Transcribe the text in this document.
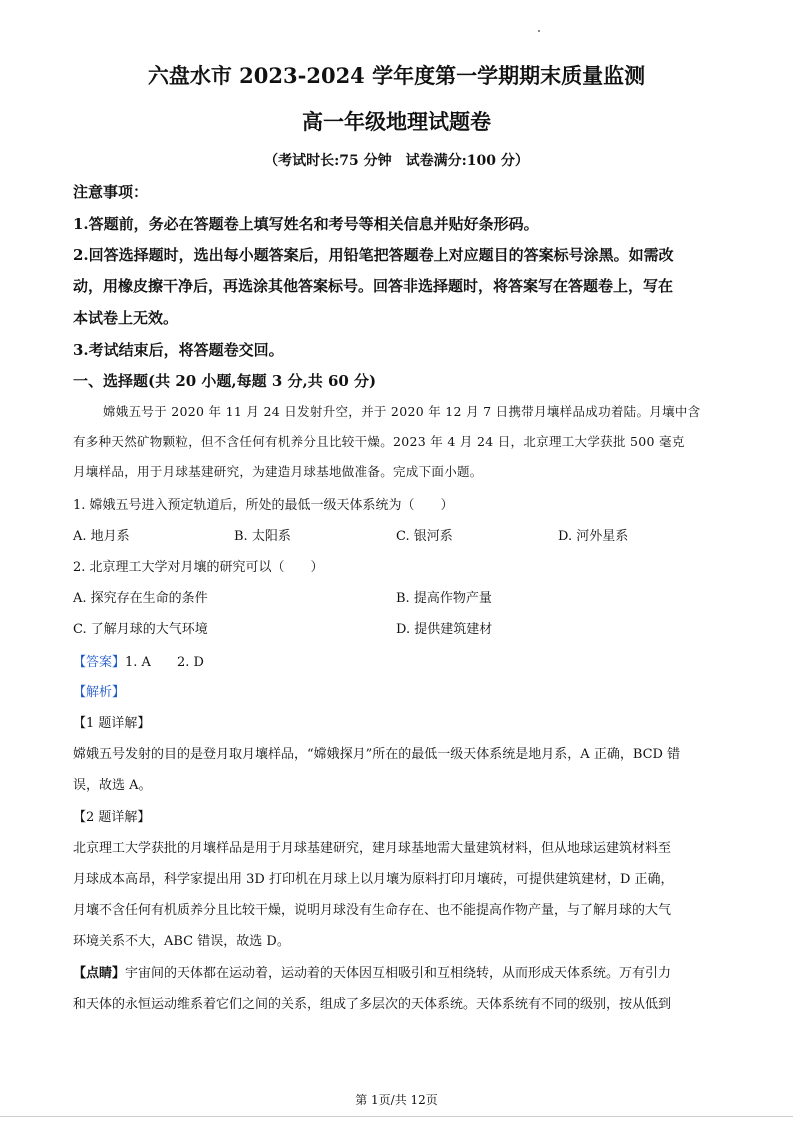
六盘水市 2023-2024 学年度第一学期期末质量监测
高一年级地理试题卷
（考试时长:75 分钟　试卷满分:100 分）
注意事项：
1.答题前，务必在答题卷上填写姓名和考号等相关信息并贴好条形码。
2.回答选择题时，选出每小题答案后，用铅笔把答题卷上对应题目的答案标号涂黑。如需改
动，用橡皮擦干净后，再选涂其他答案标号。回答非选择题时，将答案写在答题卷上，写在
本试卷上无效。
3.考试结束后，将答题卷交回。
一、选择题(共 20 小题,每题 3 分,共 60 分)
嫦娥五号于 2020 年 11 月 24 日发射升空，并于 2020 年 12 月 7 日携带月壤样品成功着陆。月壤中含
有多种天然矿物颗粒，但不含任何有机养分且比较干燥。2023 年 4 月 24 日，北京理工大学获批 500 毫克
月壤样品，用于月球基建研究，为建造月球基地做准备。完成下面小题。
1. 嫦娥五号进入预定轨道后，所处的最低一级天体系统为（　　）
A. 地月系	B. 太阳系	C. 银河系	D. 河外星系
2. 北京理工大学对月壤的研究可以（　　）
A. 探究存在生命的条件	B. 提高作物产量
C. 了解月球的大气环境	D. 提供建筑建材
【答案】1. A　　2. D
【解析】
【1 题详解】
嫦娥五号发射的目的是登月取月壤样品，“嫦娥探月”所在的最低一级天体系统是地月系，A 正确，BCD 错
误，故选 A。
【2 题详解】
北京理工大学获批的月壤样品是用于月球基建研究，建月球基地需大量建筑材料，但从地球运建筑材料至
月球成本高昂，科学家提出用 3D 打印机在月球上以月壤为原料打印月壤砖，可提供建筑建材，D 正确，
月壤不含任何有机质养分且比较干燥，说明月球没有生命存在、也不能提高作物产量，与了解月球的大气
环境关系不大，ABC 错误，故选 D。
【点睛】宇宙间的天体都在运动着，运动着的天体因互相吸引和互相绕转，从而形成天体系统。万有引力
和天体的永恒运动维系着它们之间的关系，组成了多层次的天体系统。天体系统有不同的级别，按从低到
第 1页/共 12页
